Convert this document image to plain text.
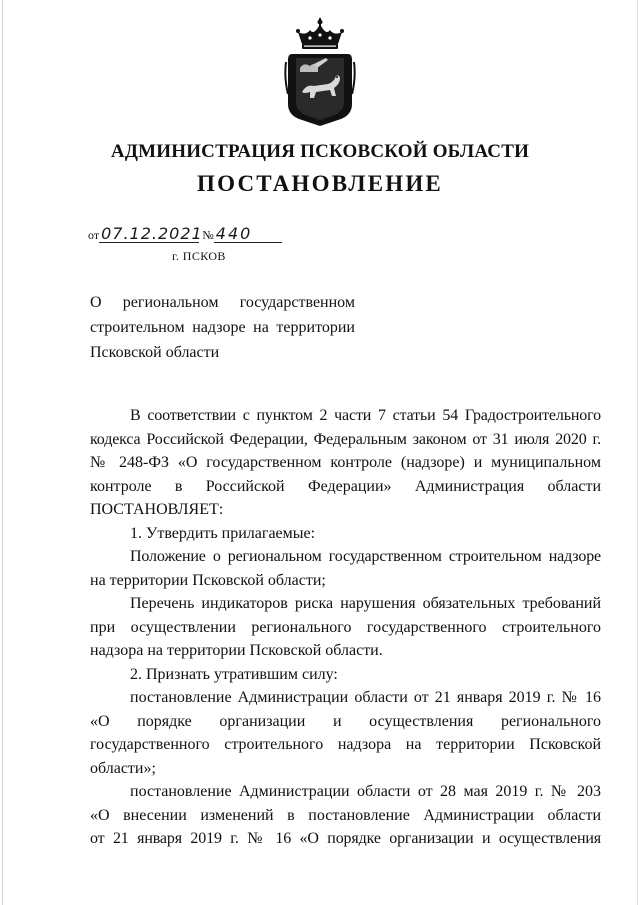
АДМИНИСТРАЦИЯ ПСКОВСКОЙ ОБЛАСТИ
ПОСТАНОВЛЕНИЕ
от 07.12.2021 № 440
г. ПСКОВ
О региональном государственном
строительном надзоре на территории
Псковской области
В соответствии с пунктом 2 части 7 статьи 54 Градостроительного
кодекса Российской Федерации, Федеральным законом от 31 июля 2020 г.
№ 248-ФЗ «О государственном контроле (надзоре) и муниципальном
контроле в Российской Федерации» Администрация области
ПОСТАНОВЛЯЕТ:
1. Утвердить прилагаемые:
Положение о региональном государственном строительном надзоре
на территории Псковской области;
Перечень индикаторов риска нарушения обязательных требований
при осуществлении регионального государственного строительного
надзора на территории Псковской области.
2. Признать утратившим силу:
постановление Администрации области от 21 января 2019 г. № 16
«О порядке организации и осуществления регионального
государственного строительного надзора на территории Псковской
области»;
постановление Администрации области от 28 мая 2019 г. № 203
«О внесении изменений в постановление Администрации области
от 21 января 2019 г. № 16 «О порядке организации и осуществления
